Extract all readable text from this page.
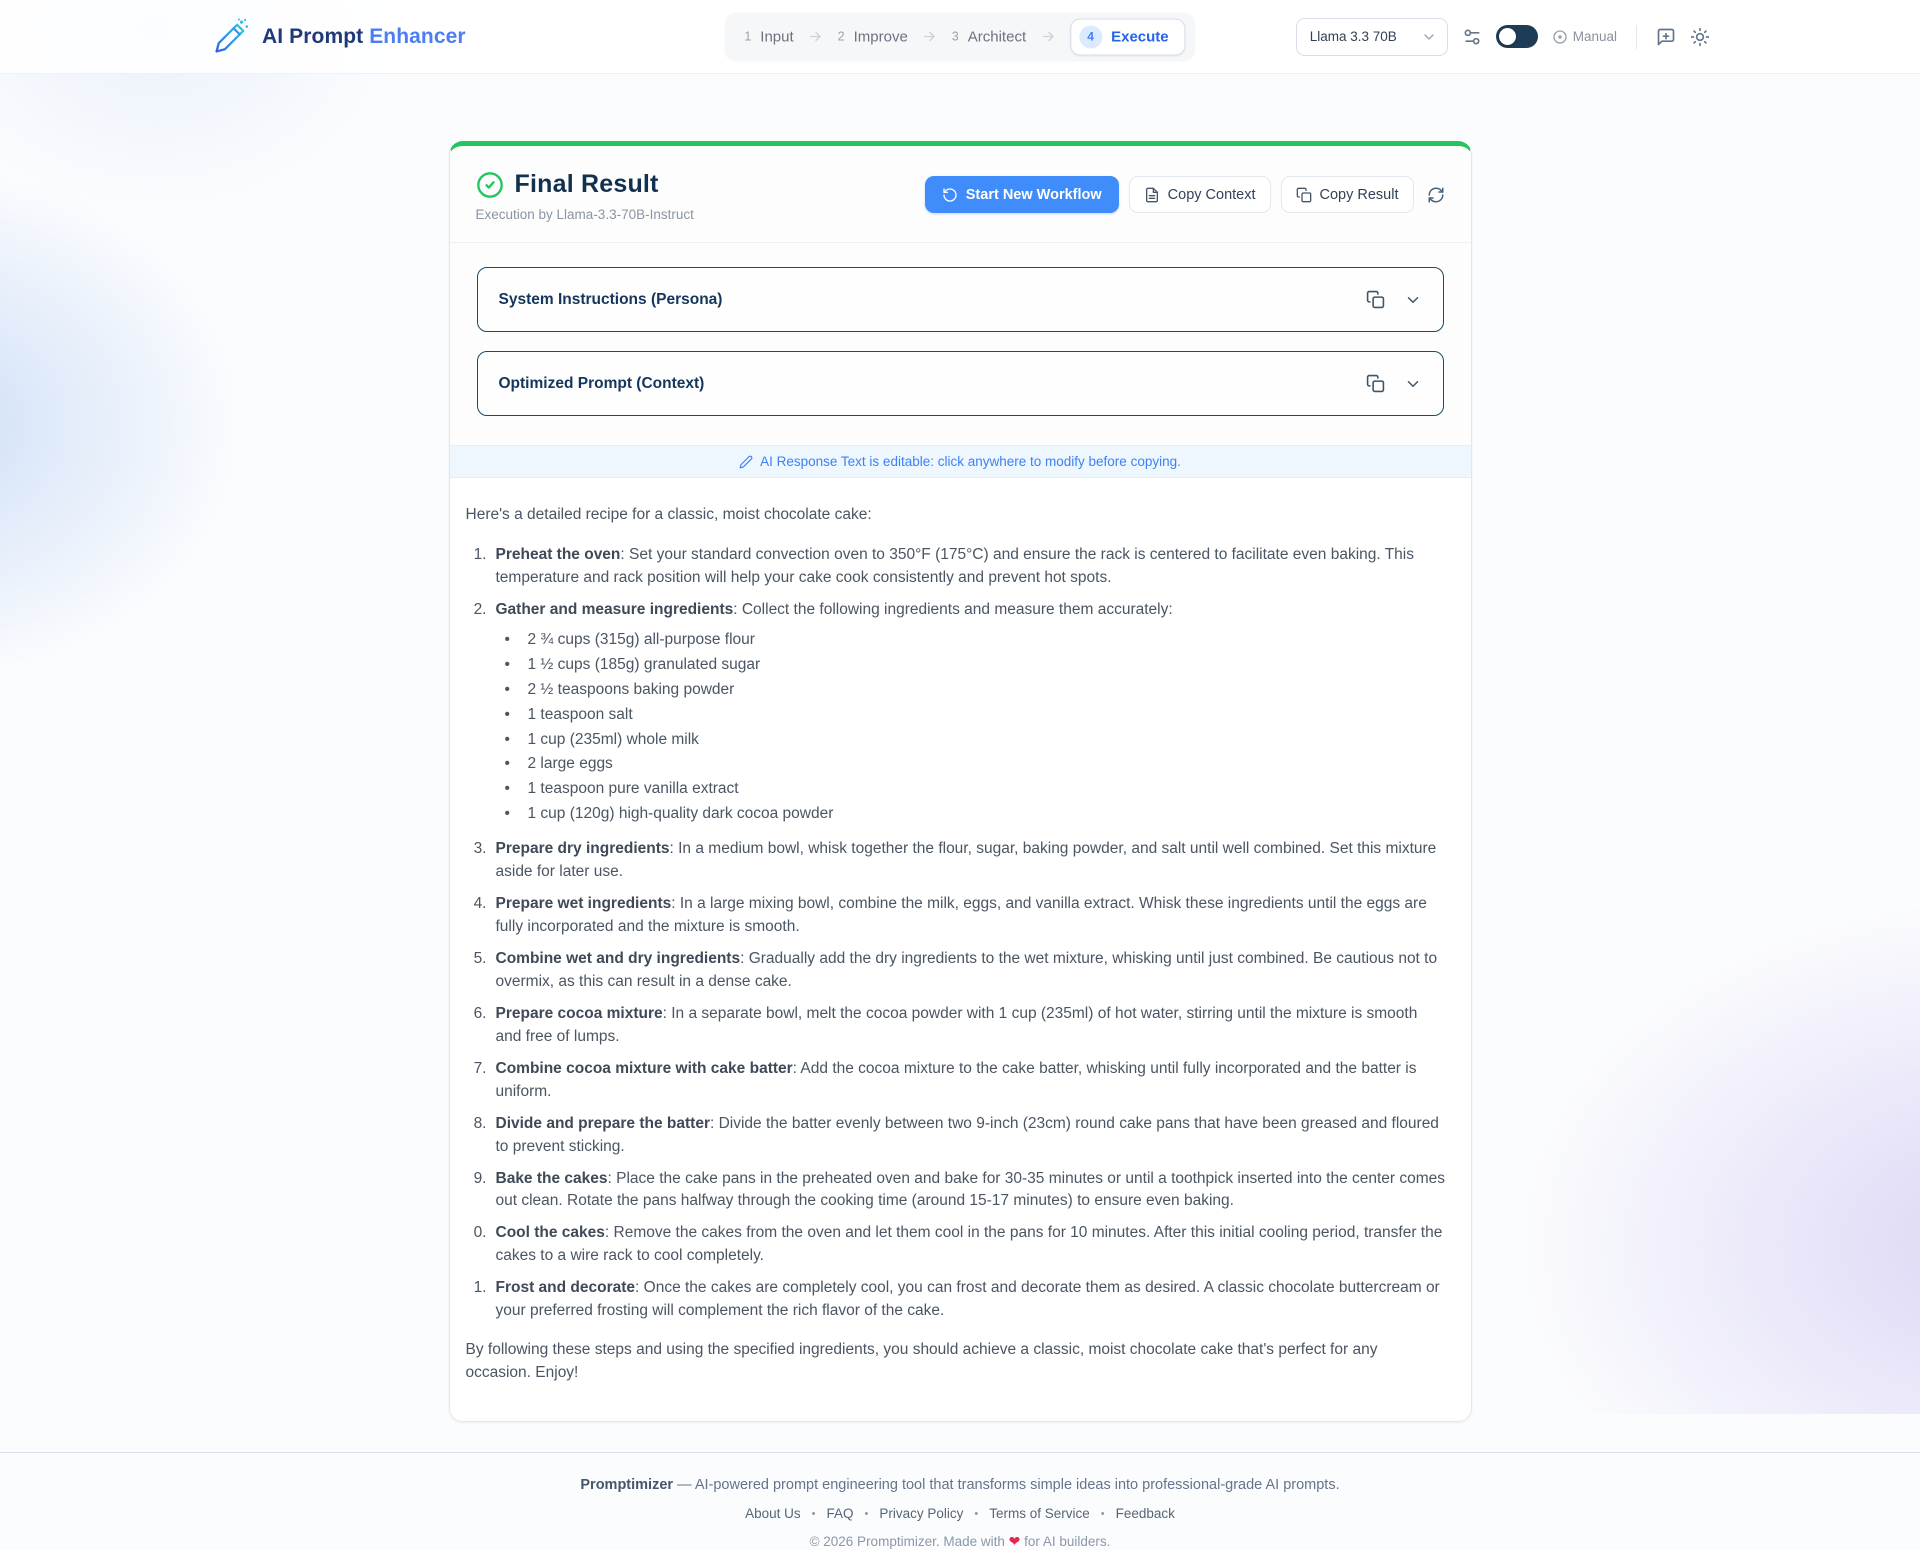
AI Prompt Enhancer	1 Input	2 Improve	3 Architect	4	Execute	Llama 3.3 70B	Manual
Final Result
Execution by Llama-3.3-70B-Instruct
Start New Workflow	Copy Context	Copy Result
System Instructions (Persona)
Optimized Prompt (Context)
AI Response Text is editable: click anywhere to modify before copying.

Here's a detailed recipe for a classic, moist chocolate cake:

1. Preheat the oven: Set your standard convection oven to 350°F (175°C) and ensure the rack is centered to facilitate even baking. This temperature and rack position will help your cake cook consistently and prevent hot spots.
2. Gather and measure ingredients: Collect the following ingredients and measure them accurately:
• 2 ¾ cups (315g) all-purpose flour
• 1 ½ cups (185g) granulated sugar
• 2 ½ teaspoons baking powder
• 1 teaspoon salt
• 1 cup (235ml) whole milk
• 2 large eggs
• 1 teaspoon pure vanilla extract
• 1 cup (120g) high-quality dark cocoa powder
3. Prepare dry ingredients: In a medium bowl, whisk together the flour, sugar, baking powder, and salt until well combined. Set this mixture aside for later use.
4. Prepare wet ingredients: In a large mixing bowl, combine the milk, eggs, and vanilla extract. Whisk these ingredients until the eggs are fully incorporated and the mixture is smooth.
5. Combine wet and dry ingredients: Gradually add the dry ingredients to the wet mixture, whisking until just combined. Be cautious not to overmix, as this can result in a dense cake.
6. Prepare cocoa mixture: In a separate bowl, melt the cocoa powder with 1 cup (235ml) of hot water, stirring until the mixture is smooth and free of lumps.
7. Combine cocoa mixture with cake batter: Add the cocoa mixture to the cake batter, whisking until fully incorporated and the batter is uniform.
8. Divide and prepare the batter: Divide the batter evenly between two 9-inch (23cm) round cake pans that have been greased and floured to prevent sticking.
9. Bake the cakes: Place the cake pans in the preheated oven and bake for 30-35 minutes or until a toothpick inserted into the center comes out clean. Rotate the pans halfway through the cooking time (around 15-17 minutes) to ensure even baking.
0. Cool the cakes: Remove the cakes from the oven and let them cool in the pans for 10 minutes. After this initial cooling period, transfer the cakes to a wire rack to cool completely.
1. Frost and decorate: Once the cakes are completely cool, you can frost and decorate them as desired. A classic chocolate buttercream or your preferred frosting will complement the rich flavor of the cake.

By following these steps and using the specified ingredients, you should achieve a classic, moist chocolate cake that's perfect for any occasion. Enjoy!

Promptimizer — AI-powered prompt engineering tool that transforms simple ideas into professional-grade AI prompts.
About Us • FAQ • Privacy Policy • Terms of Service • Feedback
© 2026 Promptimizer. Made with ❤ for AI builders.
